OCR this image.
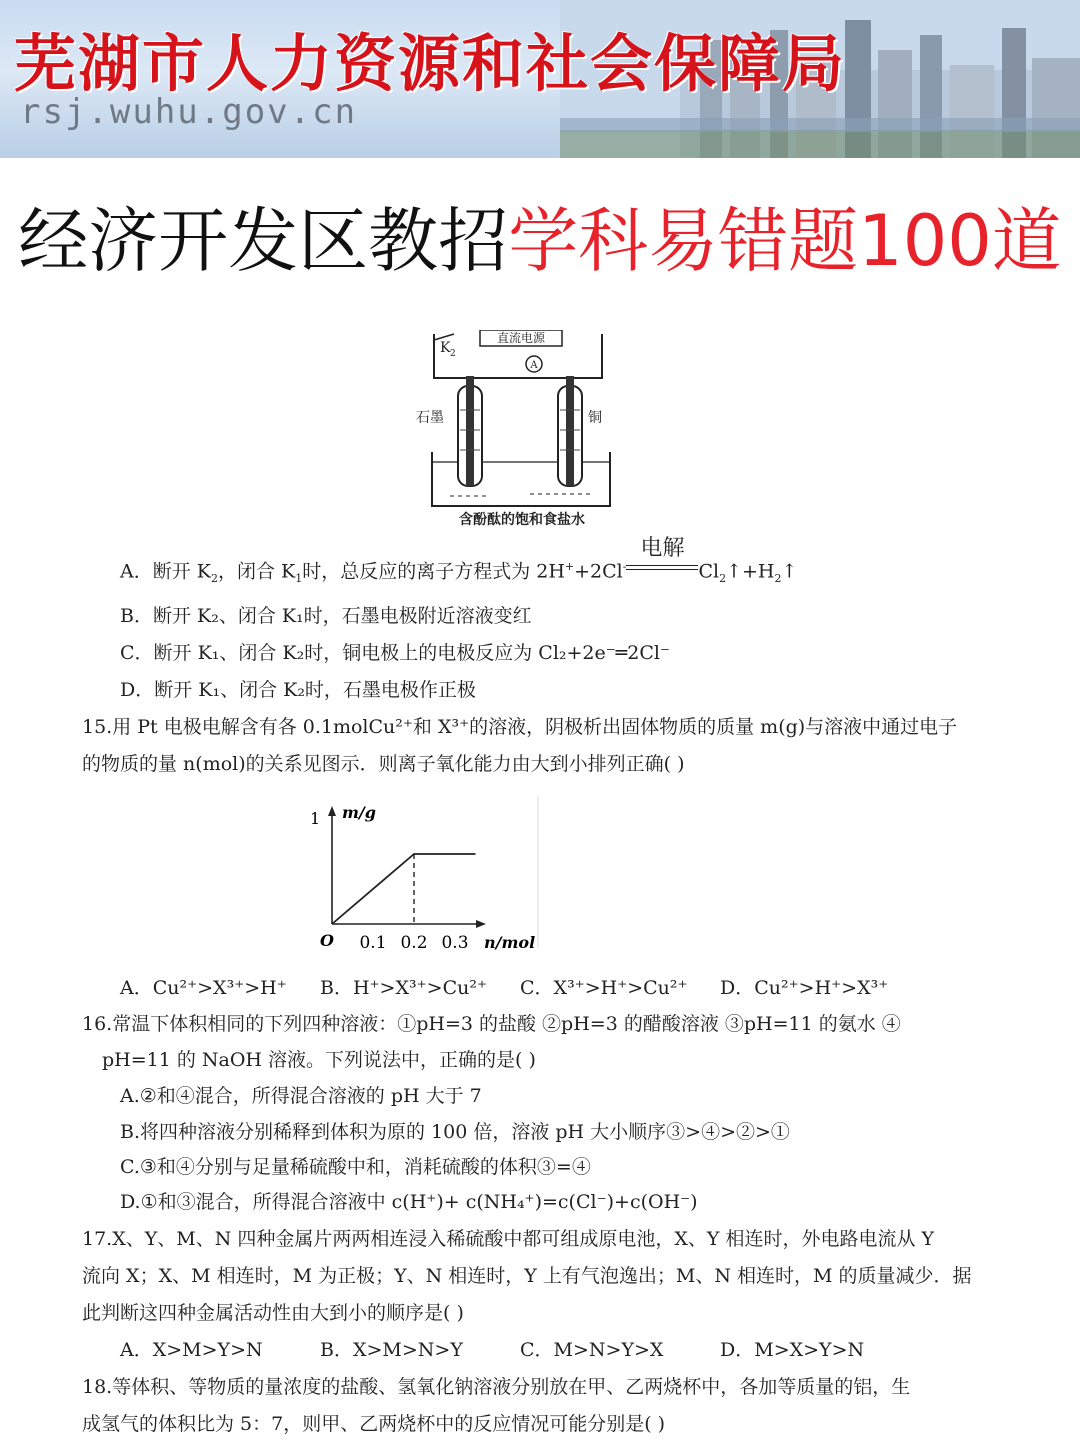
芜湖市人力资源和社会保障局
rsj.wuhu.gov.cn
经济开发区教招学科易错题100道
直流电源
A
K 2
石墨	铜
含酚酞的饱和食盐水
A．断开 $K_2$，闭合 $K_1$时，总反应的离子方程式为 2H++2Cl-
电解
$Cl_2↑+H_2↑$
B．断开 K₂、闭合 K₁时，石墨电极附近溶液变红
C．断开 K₁、闭合 K₂时，铜电极上的电极反应为 Cl₂+2e⁻═2Cl⁻
D．断开 K₁、闭合 K₂时，石墨电极作正极
15.用 Pt 电极电解含有各 0.1molCu²⁺和 X³⁺的溶液，阴极析出固体物质的质量 m(g)与溶液中通过电子
的物质的量 n(mol)的关系见图示．则离子氧化能力由大到小排列正确( )
1 m/g
O 0.1 0.2 0.3 n/mol
A．Cu²⁺>X³⁺>H⁺ B．H⁺>X³⁺>Cu²⁺ C．X³⁺>H⁺>Cu²⁺ D．Cu²⁺>H⁺>X³⁺
16.常温下体积相同的下列四种溶液：①pH=3 的盐酸 ②pH=3 的醋酸溶液 ③pH=11 的氨水 ④
pH=11 的 NaOH 溶液。下列说法中，正确的是( )
A.②和④混合，所得混合溶液的 pH 大于 7
B.将四种溶液分别稀释到体积为原的 100 倍，溶液 pH 大小顺序③>④>②>①
C.③和④分别与足量稀硫酸中和，消耗硫酸的体积③=④
D.①和③混合，所得混合溶液中 c(H⁺)+ c(NH₄⁺)=c(Cl⁻)+c(OH⁻)
17.X、Y、M、N 四种金属片两两相连浸入稀硫酸中都可组成原电池，X、Y 相连时，外电路电流从 Y
流向 X；X、M 相连时，M 为正极；Y、N 相连时，Y 上有气泡逸出；M、N 相连时，M 的质量减少．据
此判断这四种金属活动性由大到小的顺序是( )
A．X>M>Y>N	B．X>M>N>Y	C．M>N>Y>X	D．M>X>Y>N
18.等体积、等物质的量浓度的盐酸、氢氧化钠溶液分别放在甲、乙两烧杯中，各加等质量的铝，生
成氢气的体积比为 5：7，则甲、乙两烧杯中的反应情况可能分别是( )
